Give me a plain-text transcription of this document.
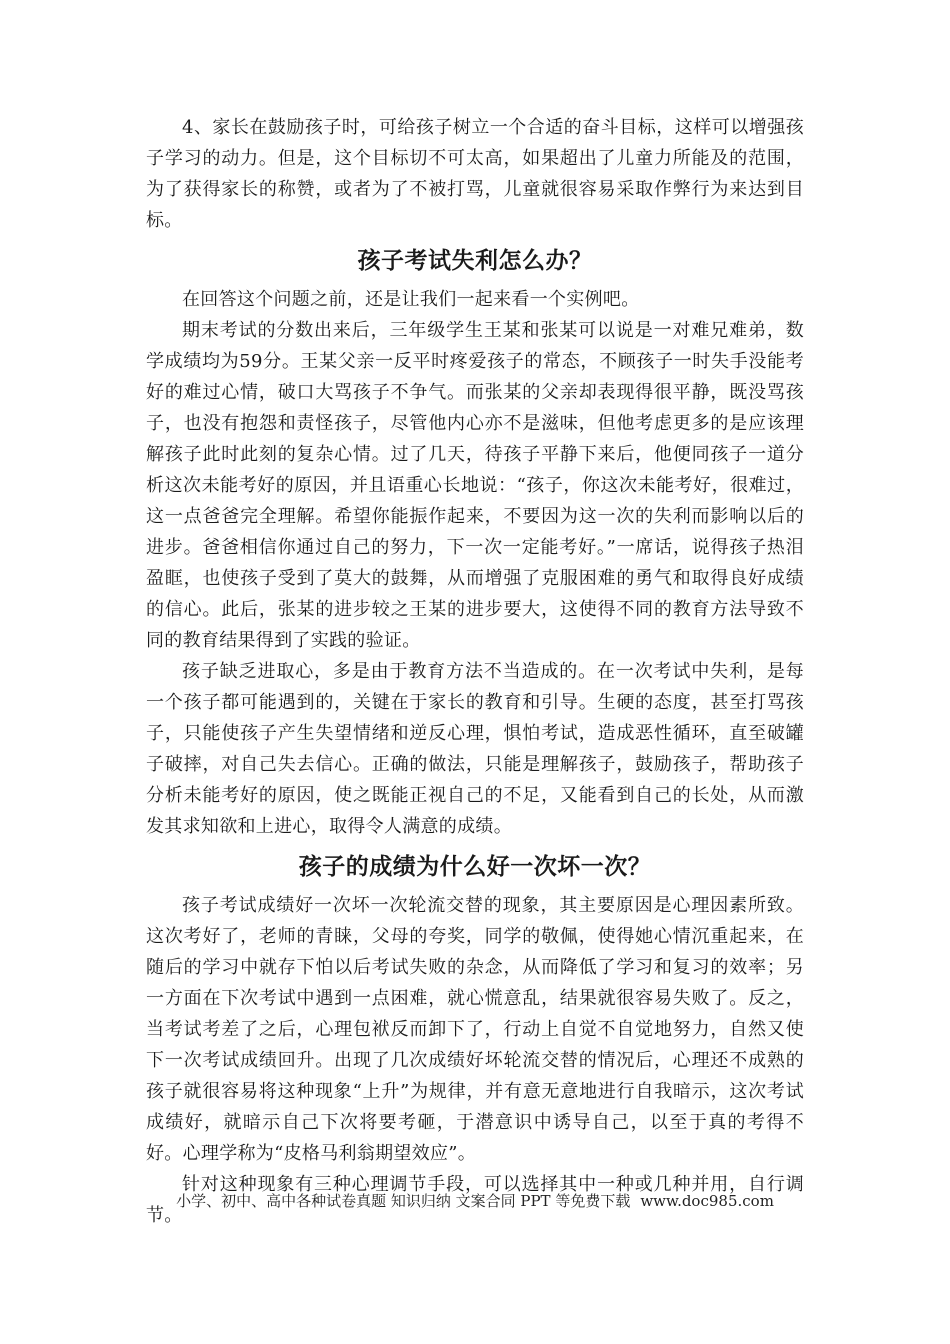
4、家长在鼓励孩子时，可给孩子树立一个合适的奋斗目标，这样可以增强孩子学习的动力。但是，这个目标切不可太高，如果超出了儿童力所能及的范围，为了获得家长的称赞，或者为了不被打骂，儿童就很容易采取作弊行为来达到目标。

孩子考试失利怎么办？

在回答这个问题之前，还是让我们一起来看一个实例吧。

期末考试的分数出来后，三年级学生王某和张某可以说是一对难兄难弟，数学成绩均为59分。王某父亲一反平时疼爱孩子的常态，不顾孩子一时失手没能考好的难过心情，破口大骂孩子不争气。而张某的父亲却表现得很平静，既没骂孩子，也没有抱怨和责怪孩子，尽管他内心亦不是滋味，但他考虑更多的是应该理解孩子此时此刻的复杂心情。过了几天，待孩子平静下来后，他便同孩子一道分析这次未能考好的原因，并且语重心长地说：“孩子，你这次未能考好，很难过，这一点爸爸完全理解。希望你能振作起来，不要因为这一次的失利而影响以后的进步。爸爸相信你通过自己的努力，下一次一定能考好。”一席话，说得孩子热泪盈眶，也使孩子受到了莫大的鼓舞，从而增强了克服困难的勇气和取得良好成绩的信心。此后，张某的进步较之王某的进步要大，这使得不同的教育方法导致不同的教育结果得到了实践的验证。

孩子缺乏进取心，多是由于教育方法不当造成的。在一次考试中失利，是每一个孩子都可能遇到的，关键在于家长的教育和引导。生硬的态度，甚至打骂孩子，只能使孩子产生失望情绪和逆反心理，惧怕考试，造成恶性循环，直至破罐子破摔，对自己失去信心。正确的做法，只能是理解孩子，鼓励孩子，帮助孩子分析未能考好的原因，使之既能正视自己的不足，又能看到自己的长处，从而激发其求知欲和上进心，取得令人满意的成绩。

孩子的成绩为什么好一次坏一次？

孩子考试成绩好一次坏一次轮流交替的现象，其主要原因是心理因素所致。这次考好了，老师的青睐，父母的夸奖，同学的敬佩，使得她心情沉重起来，在随后的学习中就存下怕以后考试失败的杂念，从而降低了学习和复习的效率；另一方面在下次考试中遇到一点困难，就心慌意乱，结果就很容易失败了。反之，当考试考差了之后，心理包袱反而卸下了，行动上自觉不自觉地努力，自然又使下一次考试成绩回升。出现了几次成绩好坏轮流交替的情况后，心理还不成熟的孩子就很容易将这种现象“上升”为规律，并有意无意地进行自我暗示，这次考试成绩好，就暗示自己下次将要考砸，于潜意识中诱导自己，以至于真的考得不好。心理学称为“皮格马利翁期望效应”。

针对这种现象有三种心理调节手段，可以选择其中一种或几种并用，自行调节。

小学、初中、高中各种试卷真题 知识归纳 文案合同 PPT 等免费下载 www.doc985.com
